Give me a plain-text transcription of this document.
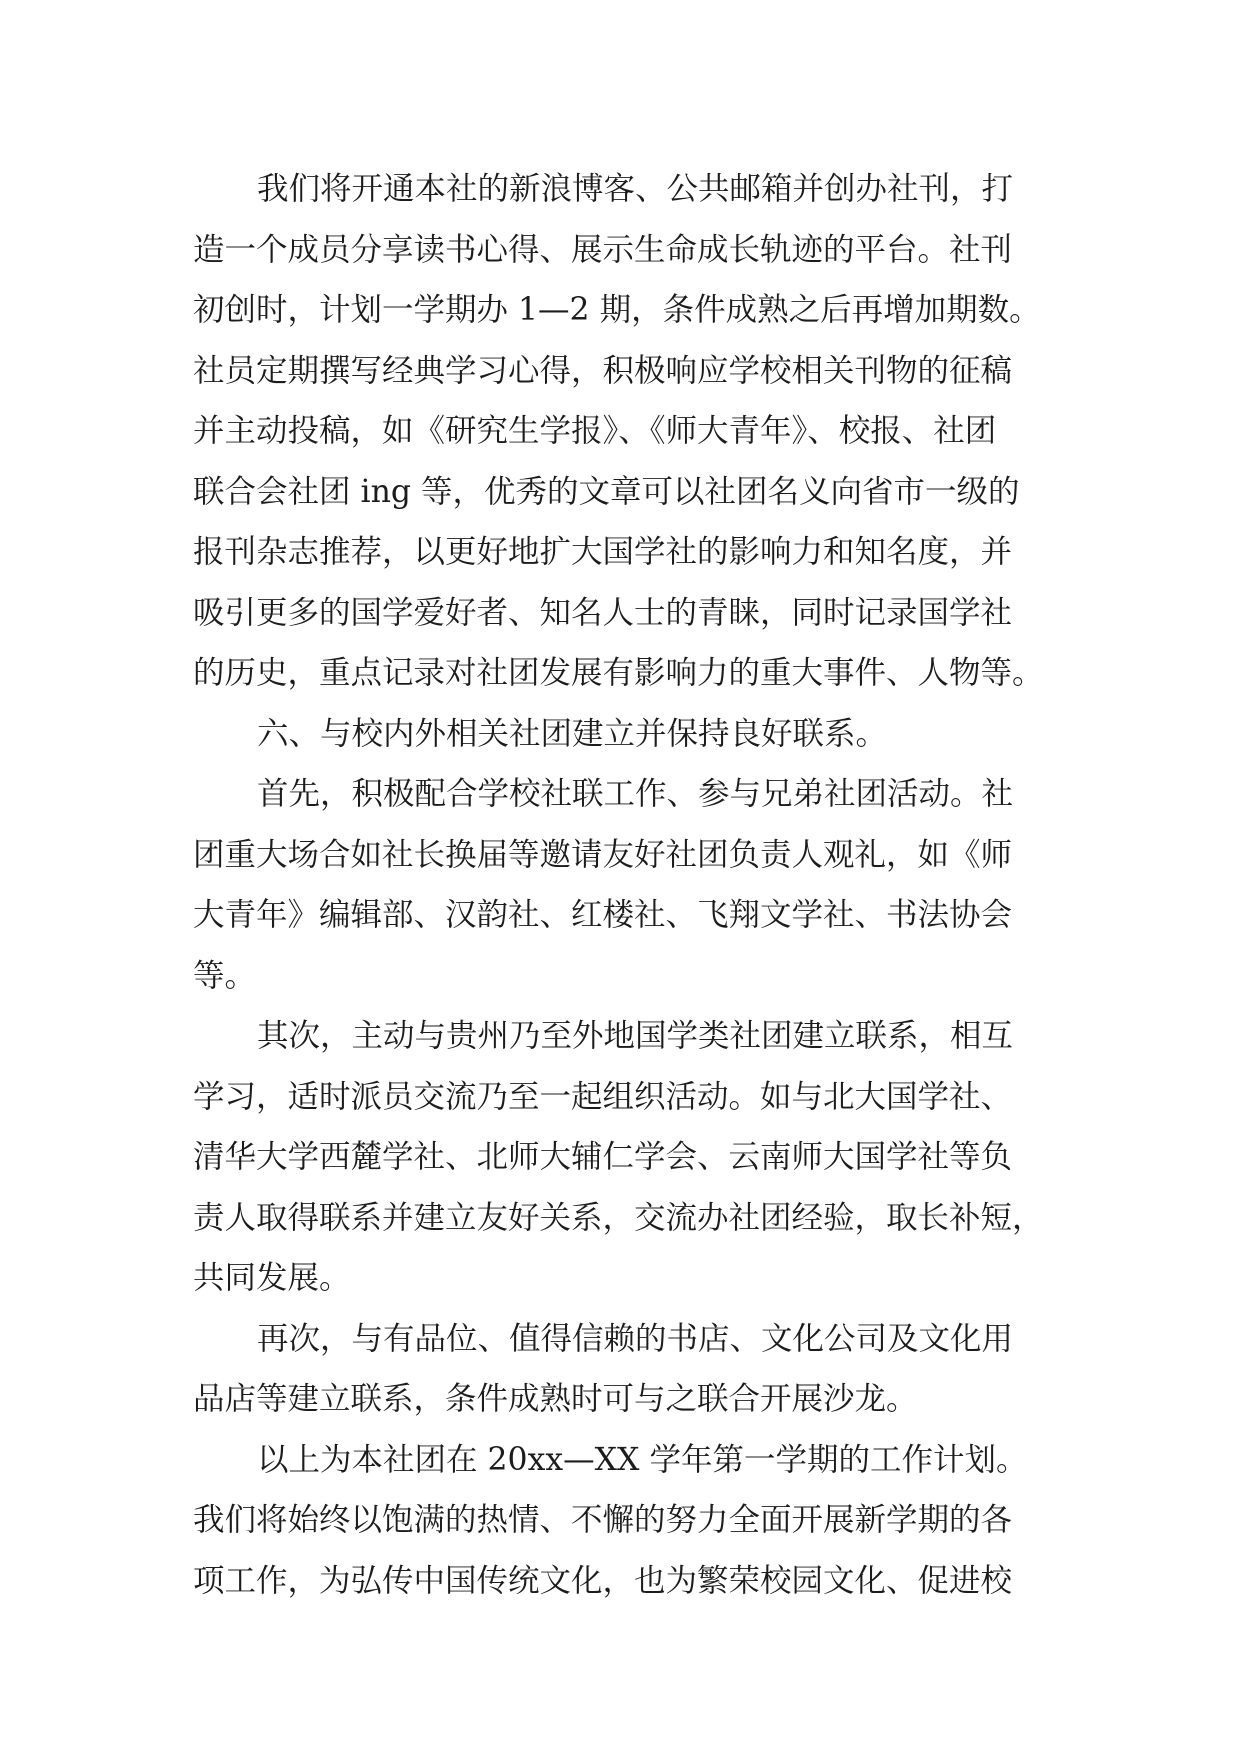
我们将开通本社的新浪博客、公共邮箱并创办社刊，打
造一个成员分享读书心得、展示生命成长轨迹的平台。社刊
初创时，计划一学期办 1—2 期，条件成熟之后再增加期数。
社员定期撰写经典学习心得，积极响应学校相关刊物的征稿
并主动投稿，如《研究生学报》、《师大青年》、校报、社团
联合会社团 ing 等，优秀的文章可以社团名义向省市一级的
报刊杂志推荐，以更好地扩大国学社的影响力和知名度，并
吸引更多的国学爱好者、知名人士的青睐，同时记录国学社
的历史，重点记录对社团发展有影响力的重大事件、人物等。
六、与校内外相关社团建立并保持良好联系。
首先，积极配合学校社联工作、参与兄弟社团活动。社
团重大场合如社长换届等邀请友好社团负责人观礼，如《师
大青年》编辑部、汉韵社、红楼社、飞翔文学社、书法协会
等。
其次，主动与贵州乃至外地国学类社团建立联系，相互
学习，适时派员交流乃至一起组织活动。如与北大国学社、
清华大学西麓学社、北师大辅仁学会、云南师大国学社等负
责人取得联系并建立友好关系，交流办社团经验，取长补短，
共同发展。
再次，与有品位、值得信赖的书店、文化公司及文化用
品店等建立联系，条件成熟时可与之联合开展沙龙。
以上为本社团在 20xx—XX 学年第一学期的工作计划。
我们将始终以饱满的热情、不懈的努力全面开展新学期的各
项工作，为弘传中国传统文化，也为繁荣校园文化、促进校
